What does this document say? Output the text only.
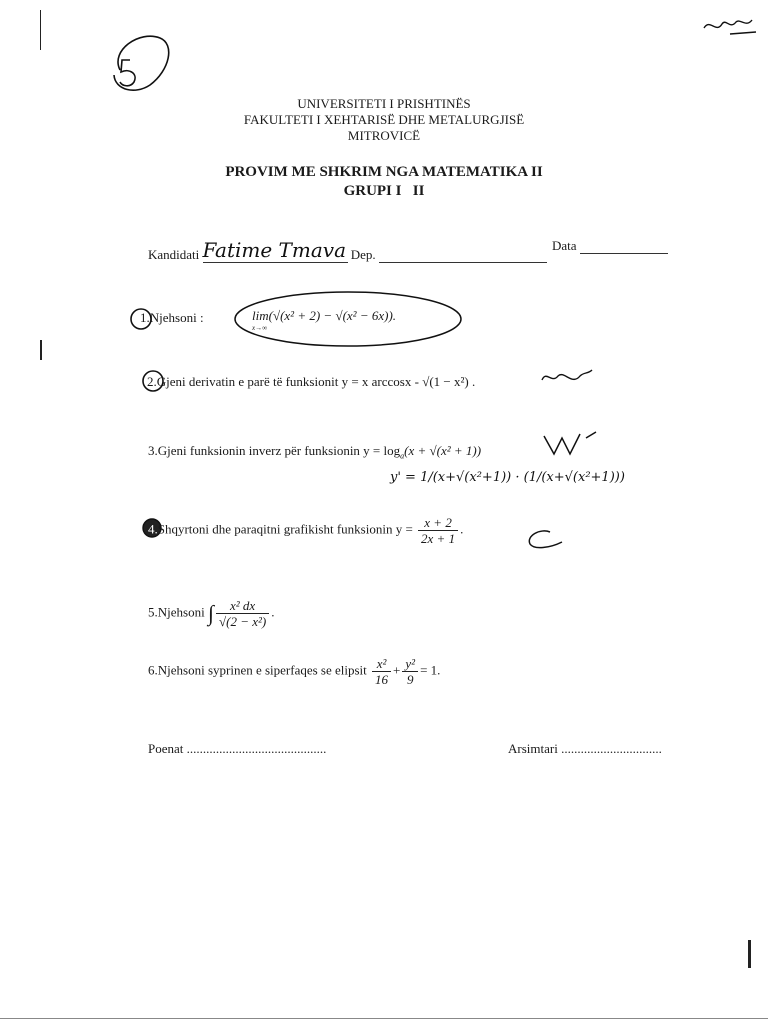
UNIVERSITETI I PRISHTINËS
FAKULTETI I XEHTARISË DHE METALURGJISË
MITROVICË
PROVIM ME SHKRIM NGA MATEMATIKA II
GRUPI I   II
Kandidati Fatime Tmava Dep.
Data
1.Njehsoni :	lim(√(x² + 2) − √(x² − 6x)).
x→∞
2.Gjeni derivatin e parë të funksionit y = x arccosx - √(1 − x²) .
3.Gjeni funksionin inverz për funksionin $y = \log_a(x + √(x^2 + 1))$
y' = 1/(x+√(x²+1)) · (1/(x+√(x²+1)))
4.Shqyrtoni dhe paraqitni grafikisht funksionin $y = \frac{x + 2}{2x + 1}$ .
5.Njehsoni ∫ $\frac{\text{x² dx}}{\text{√(2 − x²)}}$ .
6.Njehsoni syprinen e siperfaqes se elipsit $\frac{\text{x²}}{16} + \frac{\text{y²}}{9} = 1$.
Poenat ...........................................	Arsimtari ...............................
